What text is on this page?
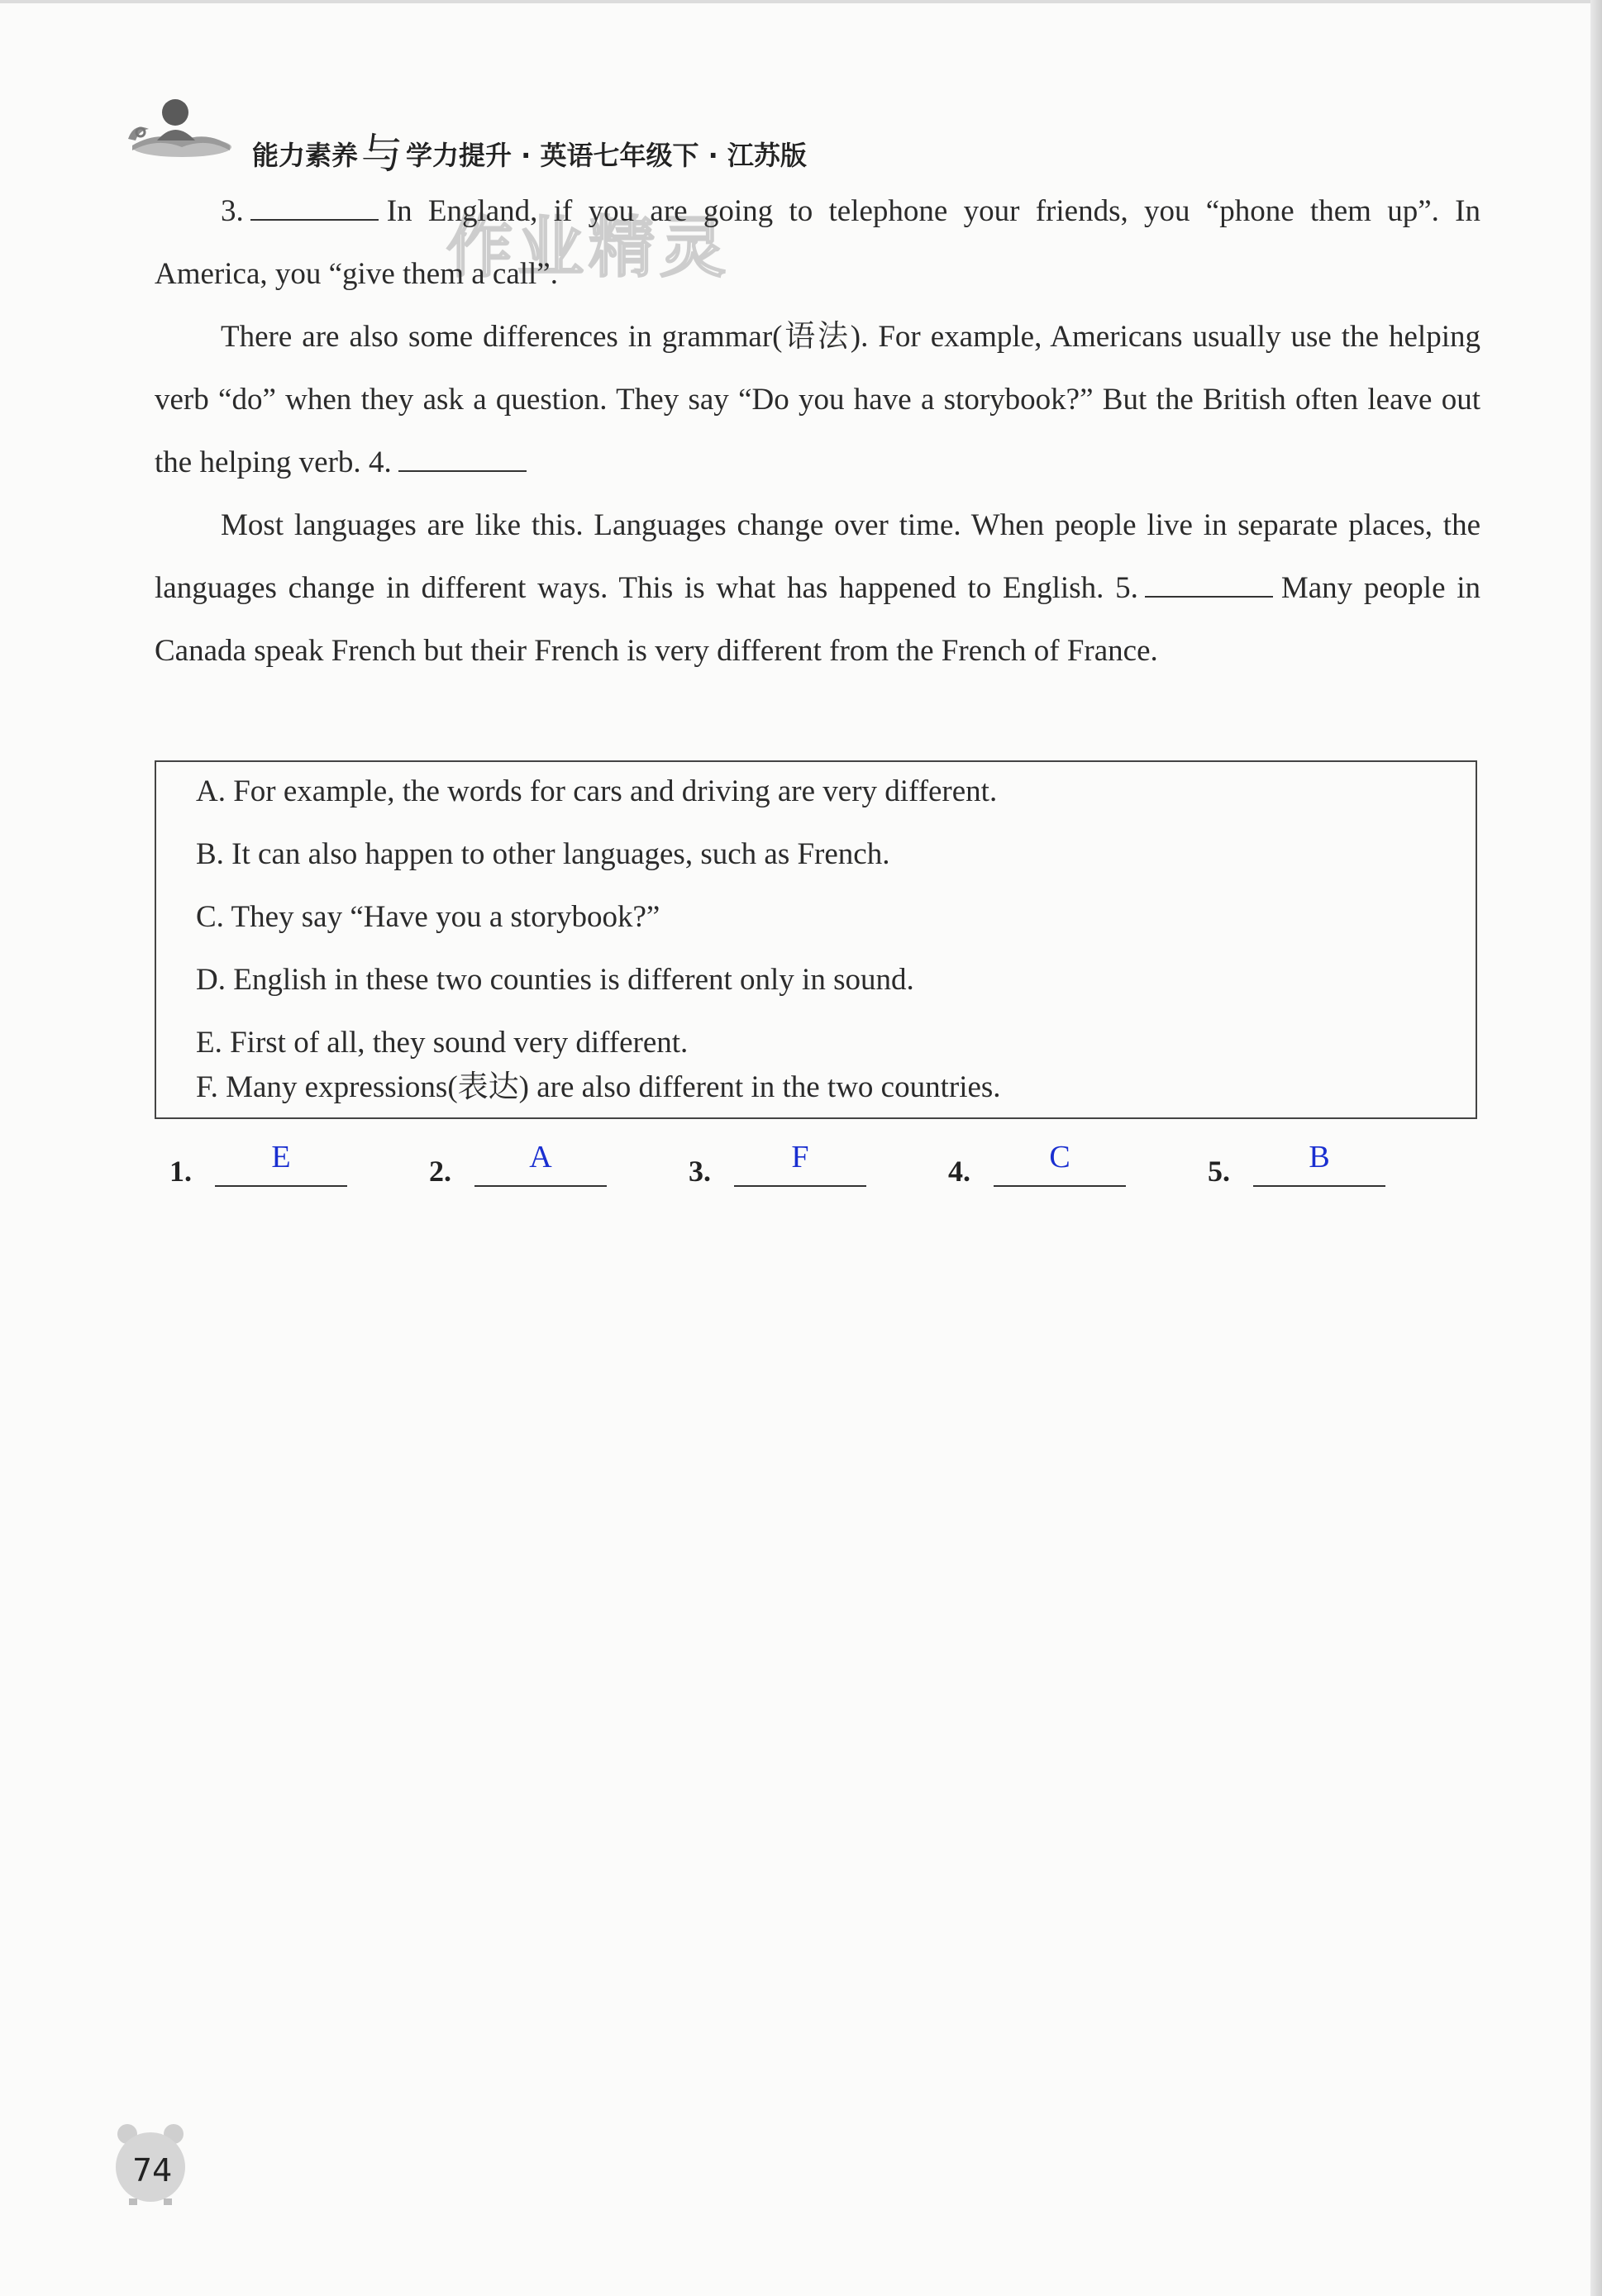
能力素养与 学力提升 · 英语七年级下 · 江苏版
作业精灵
3.	In England, if you are going to telephone your friends, you “phone them up”. In America, you “give them a call”.
There are also some differences in grammar(语法). For example, Americans usually use the helping verb “do” when they ask a question. They say “Do you have a storybook?” But the British often leave out the helping verb. 4.
Most languages are like this. Languages change over time. When people live in separate places, the languages change in different ways. This is what has happened to English. 5.	Many people in Canada speak French but their French is very different from the French of France.
A. For example, the words for cars and driving are very different.
B. It can also happen to other languages, such as French.
C. They say “Have you a storybook?”
D. English in these two counties is different only in sound.
E. First of all, they sound very different.
F. Many expressions(表达) are also different in the two countries.
1.	E	2.	A	3.	F	4.	C	5.	B
74
